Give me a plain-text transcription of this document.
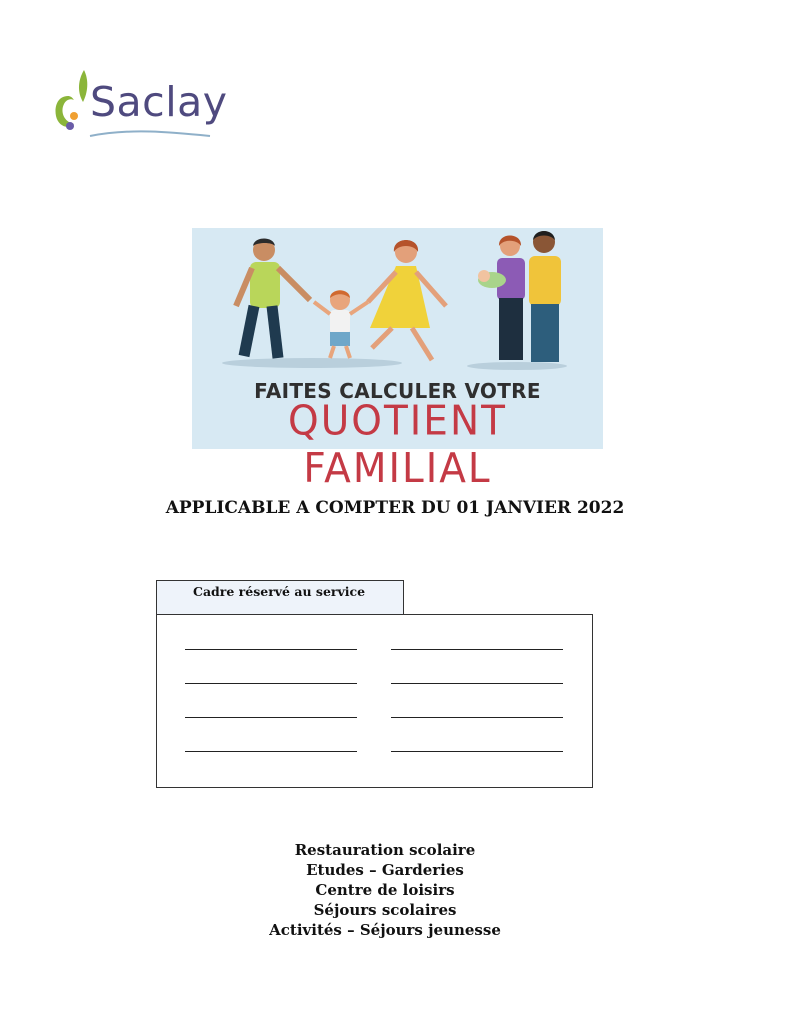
Saclay
FAITES CALCULER VOTRE
QUOTIENT FAMILIAL
APPLICABLE A COMPTER DU 01 JANVIER 2022
Cadre réservé au service
Restauration scolaire
Etudes – Garderies
Centre de loisirs
Séjours scolaires
Activités – Séjours jeunesse
